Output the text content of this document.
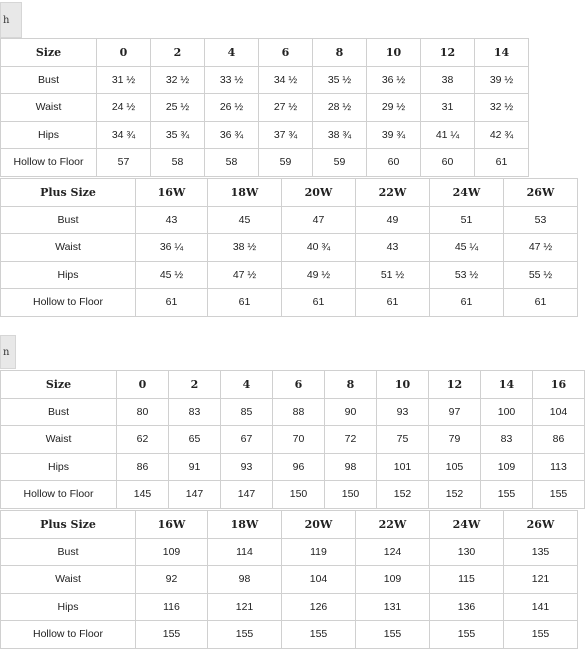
h
Size	0	2	4	6	8	10	12	14	
Bust	31 ½	32 ½	33 ½	34 ½	35 ½	36 ½	38	39 ½	
Waist	24 ½	25 ½	26 ½	27 ½	28 ½	29 ½	31	32 ½	
Hips	34 ¾	35 ¾	36 ¾	37 ¾	38 ¾	39 ¾	41 ¼	42 ¾	
Hollow to Floor	57	58	58	59	59	60	60	61	
Plus Size	16W	18W	20W	22W	24W	26W
Bust	43	45	47	49	51	53
Waist	36 ¼	38 ½	40 ¾	43	45 ¼	47 ½
Hips	45 ½	47 ½	49 ½	51 ½	53 ½	55 ½
Hollow to Floor	61	61	61	61	61	61
n
Size	0	2	4	6	8	10	12	14	16
Bust	80	83	85	88	90	93	97	100	104
Waist	62	65	67	70	72	75	79	83	86
Hips	86	91	93	96	98	101	105	109	113
Hollow to Floor	145	147	147	150	150	152	152	155	155
Plus Size	16W	18W	20W	22W	24W	26W
Bust	109	114	119	124	130	135
Waist	92	98	104	109	115	121
Hips	116	121	126	131	136	141
Hollow to Floor	155	155	155	155	155	155
